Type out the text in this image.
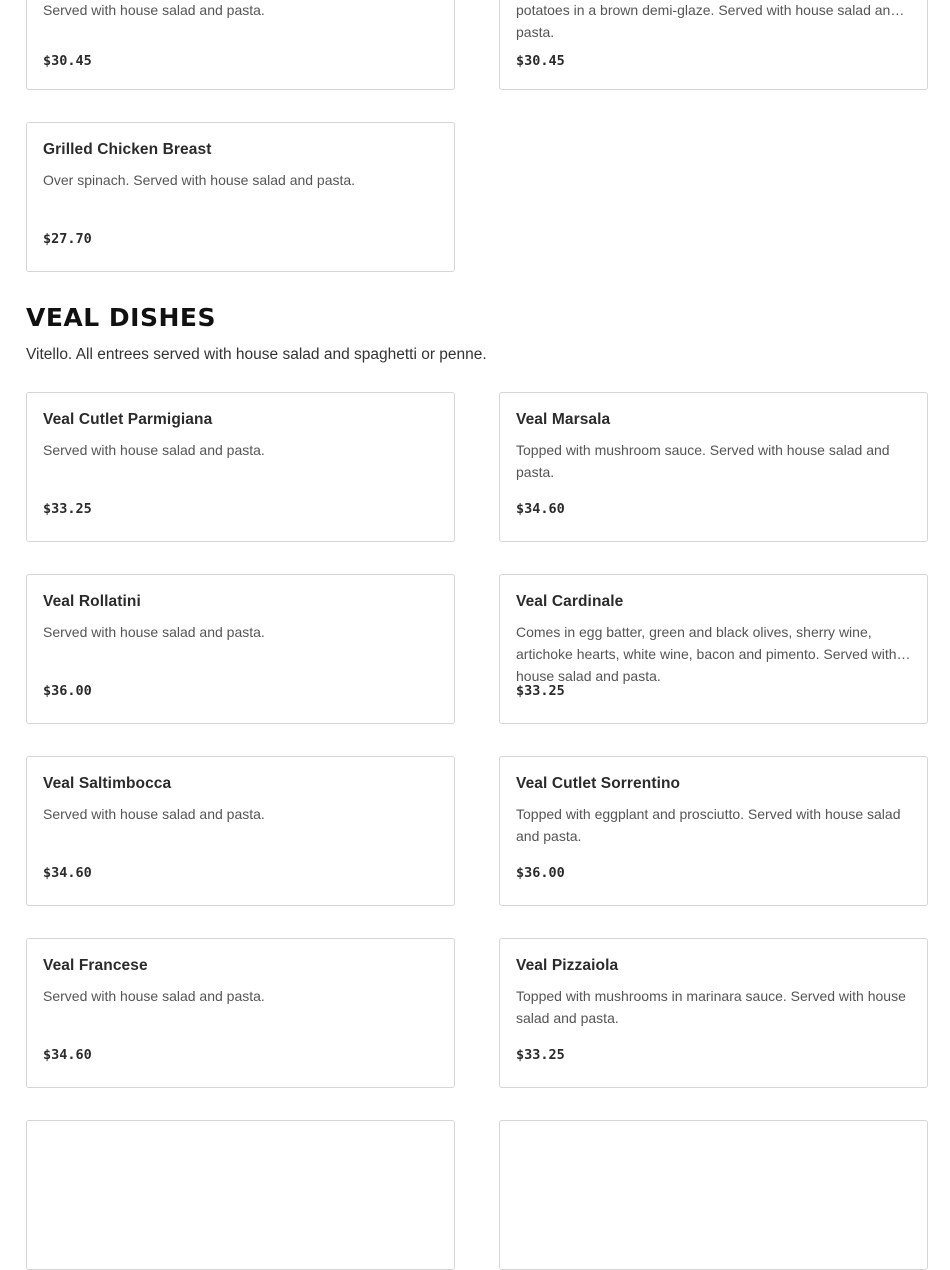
Served with house salad and pasta.
$30.45
potatoes in a brown demi-glaze. Served with house salad and pasta.
$30.45
Grilled Chicken Breast
Over spinach. Served with house salad and pasta.
$27.70
VEAL DISHES

Vitello. All entrees served with house salad and spaghetti or penne.

Veal Cutlet Parmigiana
Served with house salad and pasta.
$33.25
Veal Marsala
Topped with mushroom sauce. Served with house salad and pasta.
$34.60
Veal Rollatini
Served with house salad and pasta.
$36.00
Veal Cardinale
Comes in egg batter, green and black olives, sherry wine, artichoke hearts, white wine, bacon and pimento. Served with house salad and pasta.
$33.25
Veal Saltimbocca
Served with house salad and pasta.
$34.60
Veal Cutlet Sorrentino
Topped with eggplant and prosciutto. Served with house salad and pasta.
$36.00
Veal Francese
Served with house salad and pasta.
$34.60
Veal Pizzaiola
Topped with mushrooms in marinara sauce. Served with house salad and pasta.
$33.25
